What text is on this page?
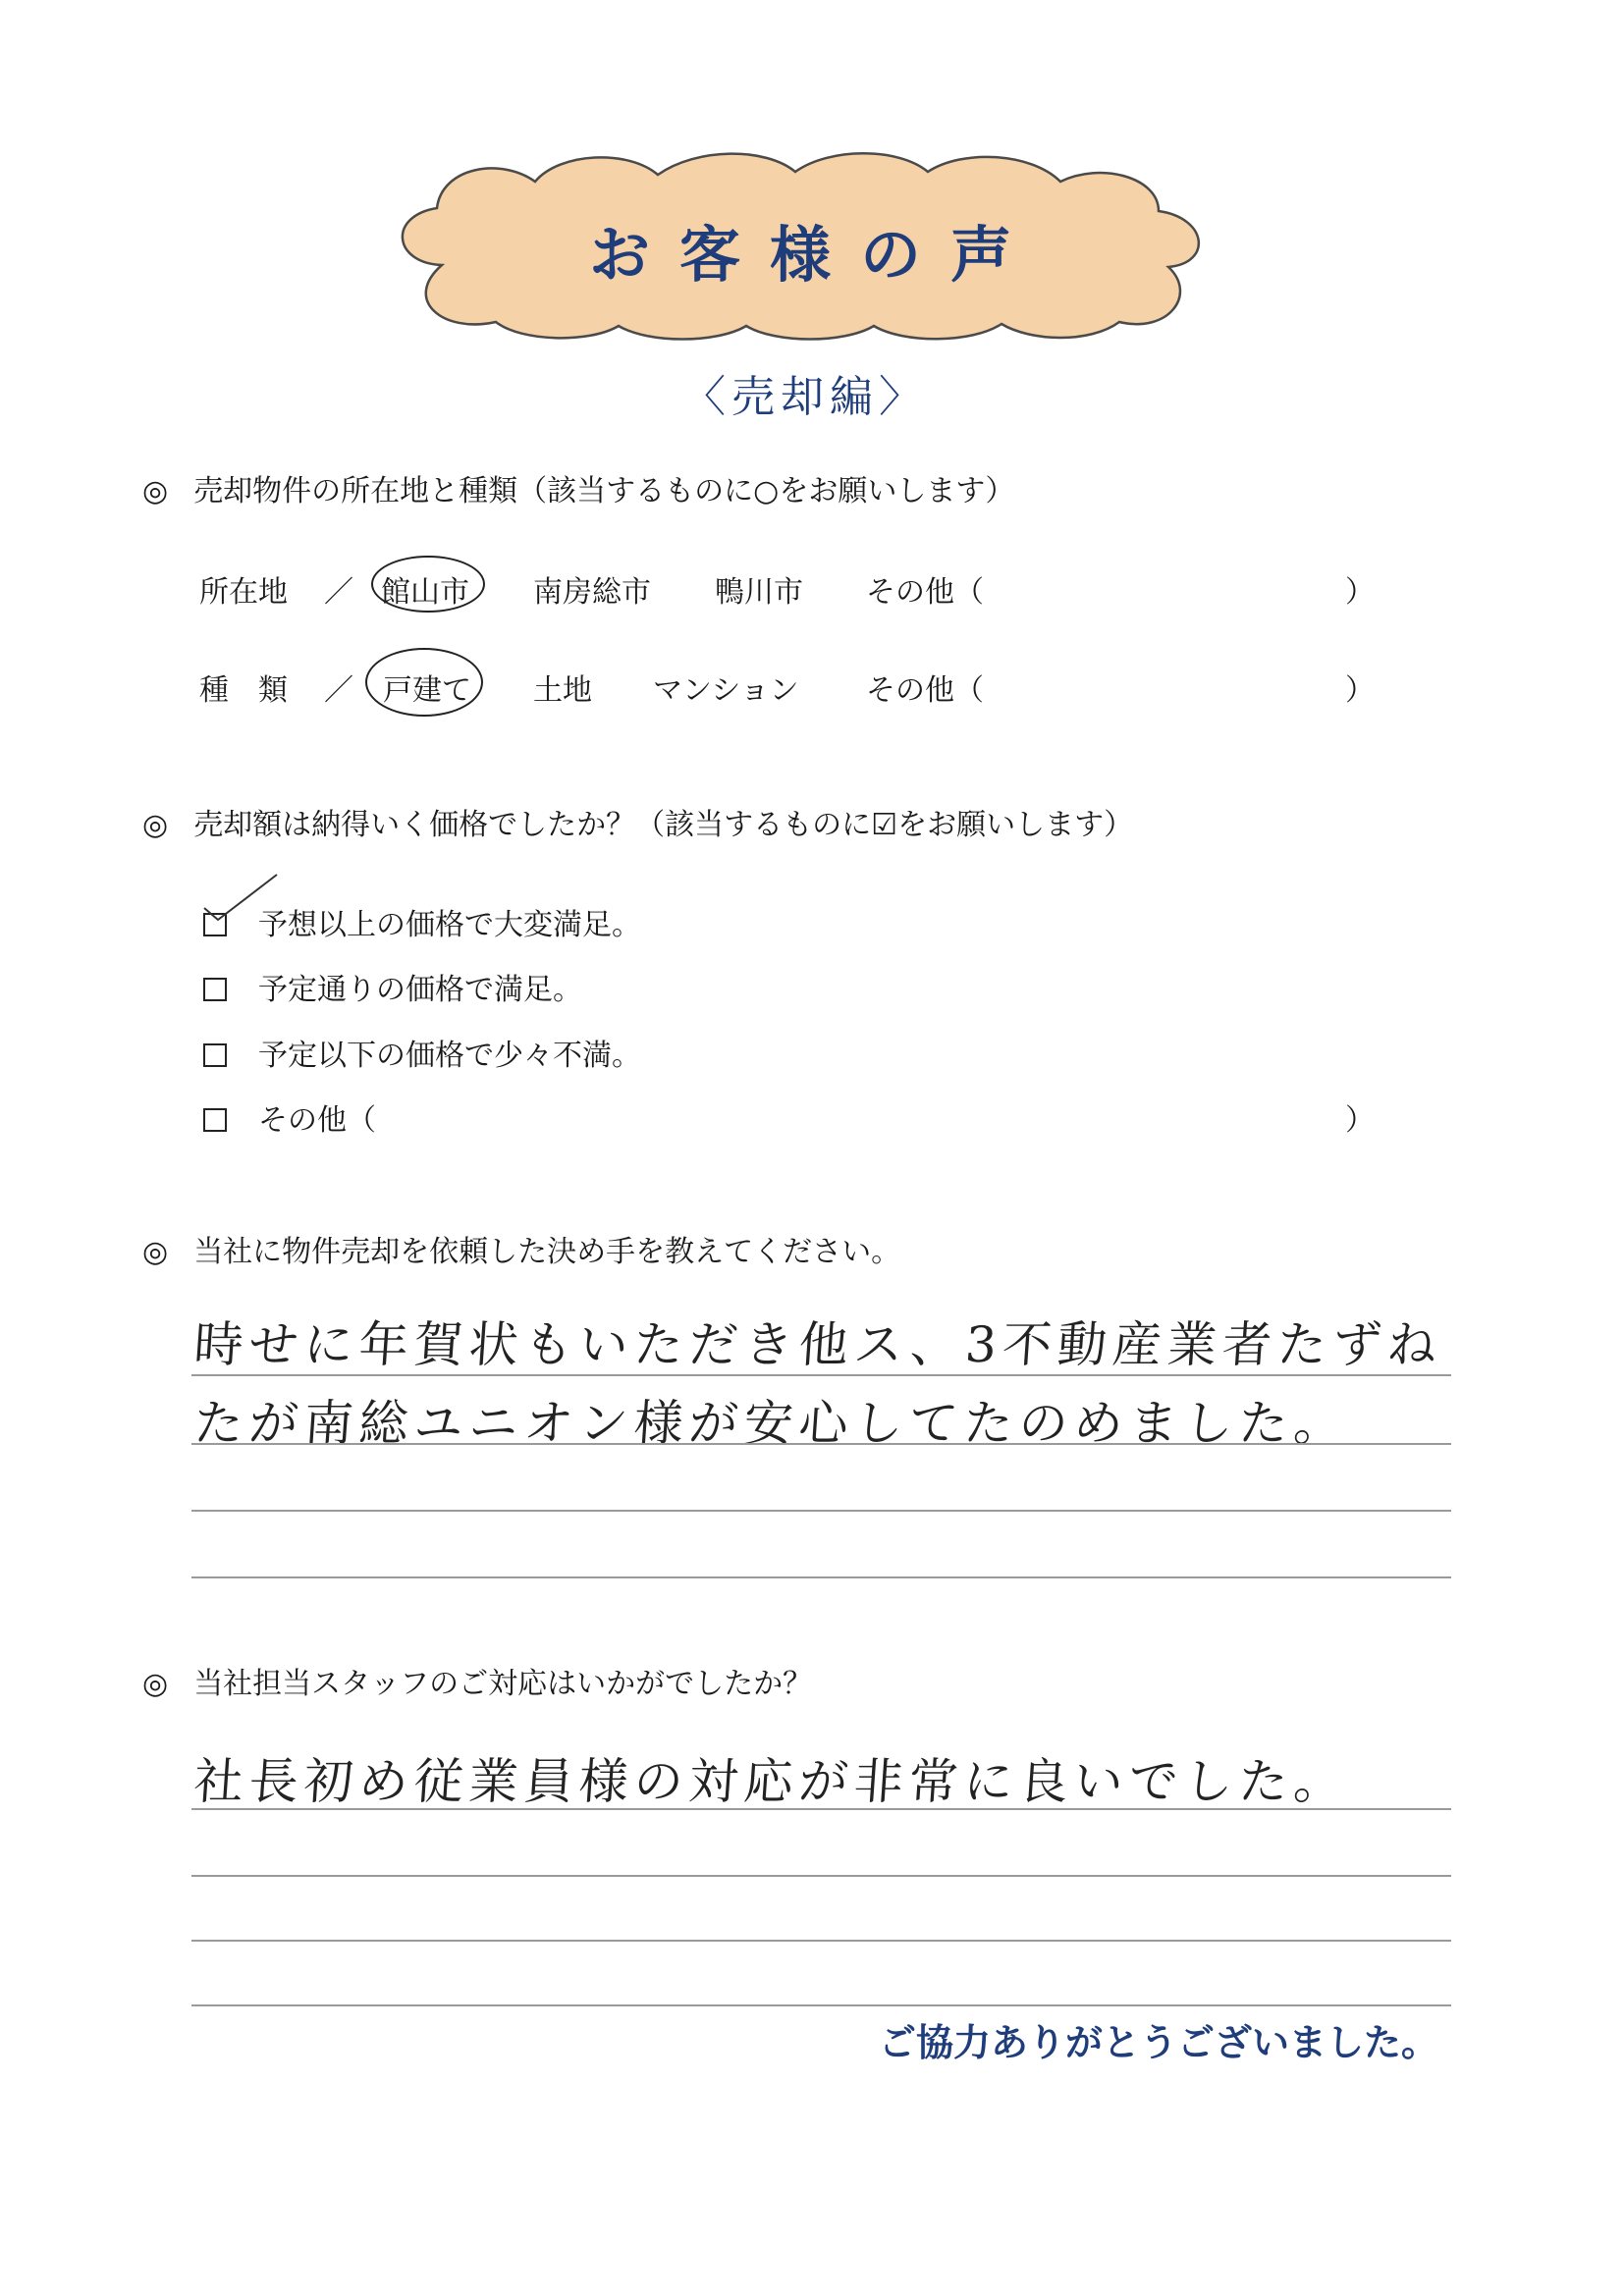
お客様の声
〈売却編〉
◎ 売却物件の所在地と種類（該当するものに○をお願いします）
所在地 ／ 館山市 南房総市 鴨川市 その他（	）
種　類 ／ 戸建て 土地 マンション その他（	）
◎ 売却額は納得いく価格でしたか？（該当するものに☑をお願いします）
予想以上の価格で大変満足。
予定通りの価格で満足。
予定以下の価格で少々不満。
その他（	）
◎ 当社に物件売却を依頼した決め手を教えてください。
時せに年賀状もいただき他ス、3不動産業者たずね
たが南総ユニオン様が安心してたのめました。
◎ 当社担当スタッフのご対応はいかがでしたか？
社長初め従業員様の対応が非常に良いでした。
ご協力ありがとうございました。
